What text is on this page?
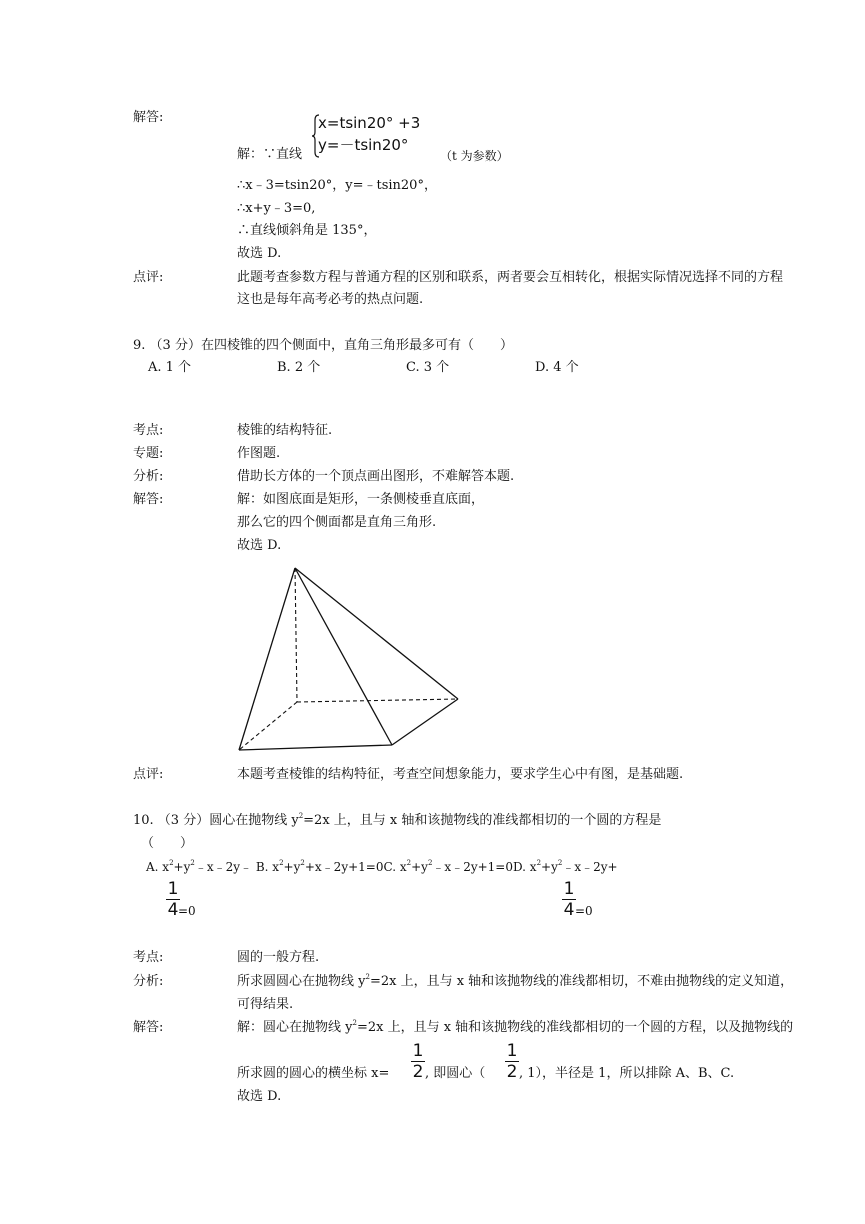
解答:
解：∵直线
x=tsin20° +3
y=－tsin20°
（t 为参数）
∴x﹣3=tsin20°，y=﹣tsin20°，
∴x+y﹣3=0,
∴直线倾斜角是 135°，
故选 D.
点评:	此题考查参数方程与普通方程的区别和联系，两者要会互相转化，根据实际情况选择不同的方程
这也是每年高考必考的热点问题.
9. （3 分）在四棱锥的四个侧面中，直角三角形最多可有（　　）
A. 1 个	B. 2 个	C. 3 个	D. 4 个
考点:	棱锥的结构特征.
专题:	作图题.
分析:	借助长方体的一个顶点画出图形，不难解答本题.
解答:	解：如图底面是矩形，一条侧棱垂直底面，
那么它的四个侧面都是直角三角形.
故选 D.
点评:	本题考查棱锥的结构特征，考查空间想象能力，要求学生心中有图，是基础题.
10. （3 分）圆心在抛物线 $y^2=2x$ 上，且与 x 轴和该抛物线的准线都相切的一个圆的方程是
（　　）
A. $x^2+y^2﹣x﹣2y﹣$ B. $x^2+y^2+x﹣2y+1=0C$. $x^2+y^2﹣x﹣2y+1=0D$. $x^2+y^2﹣x﹣2y+$
1
4 =0
1
4 =0
考点:	圆的一般方程.
分析:	所求圆圆心在抛物线 $y^2=2x$ 上，且与 x 轴和该抛物线的准线都相切，不难由抛物线的定义知道，
可得结果.
解答:	解：圆心在抛物线 $y^2=2x$ 上，且与 x 轴和该抛物线的准线都相切的一个圆的方程，以及抛物线的
所求圆的圆心的横坐标 x=
1
2 , 即圆心（
1
2 , 1），半径是 1，所以排除 A、B、C.
故选 D.
